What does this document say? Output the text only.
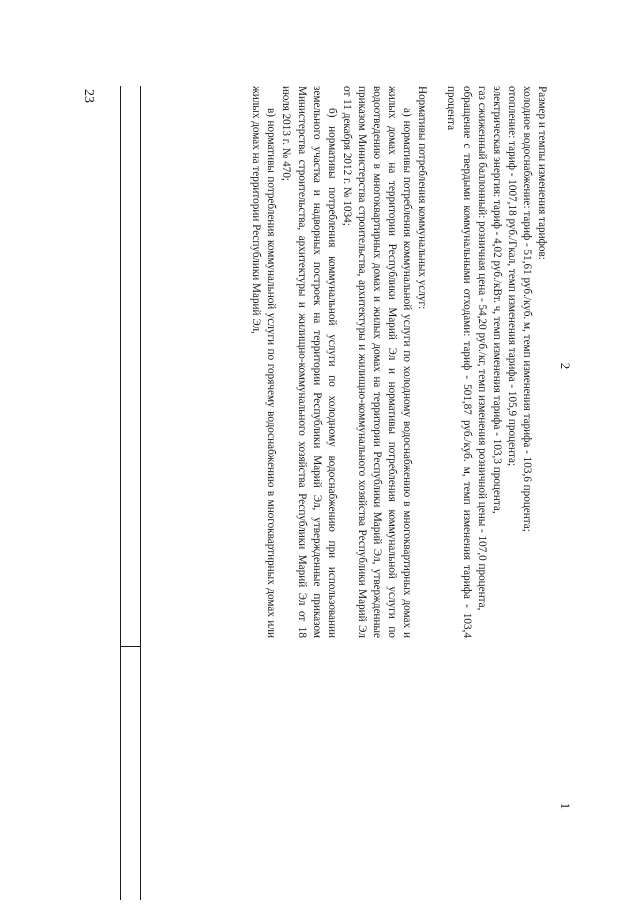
23
1
2

Размер и темпы изменения тарифов:

холодное водоснабжение: тариф - 51,61 руб./куб. м, темп изменения тарифа - 103,6 процента;

отопление: тариф - 1007,18 руб./Гкал, темп изменения тарифа - 105,9 процента;

электрическая энергия: тариф - 4,02 руб./кВт. ч, темп изменения тарифа - 103,3 процента,

газ сжиженный баллонный: розничная цена - 54,20 руб./кг, темп изменения розничной цены - 107,0 процента,

обращение с твердыми коммунальными отходами: тариф - 501,87 руб./куб. м, темп изменения тарифа - 103,4 процента

Нормативы потребления коммунальных услуг:

а) нормативы потребления коммунальной услуги по холодному водоснабжению в многоквартирных домах и жилых домах на территории Республики Марий Эл и нормативы потребления коммунальной услуги по водоотведению в многоквартирных домах и жилых домах на территории Республики Марий Эл, утвержденные приказом Министерства строительства, архитектуры и жилищно-коммунального хозяйства Республики Марий Эл от 11 декабря 2012 г. № 1034;

б) нормативы потребления коммунальной услуги по холодному водоснабжению при использовании земельного участка и надворных построек на территории Республики Марий Эл, утвержденные приказом Министерства строительства, архитектуры и жилищно-коммунального хозяйства Республики Марий Эл от 18 июля 2013 г. № 470;

в) нормативы потребления коммунальной услуги по горячему водоснабжению в многоквартирных домах или жилых домах на территории Республики Марий Эл,
